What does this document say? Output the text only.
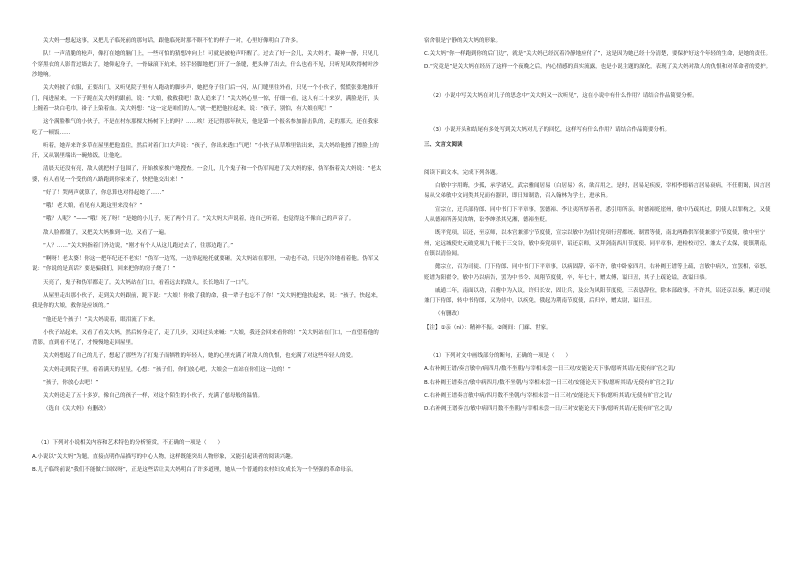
关大妈一想起这事，又把儿子临死前的那句话，跟他临死时那不瞑不忙的样子一对，心里好像明白了许多。

队！一声清脆的枪声，像打在她的脑门上，一些可怕的猜想冲向上！可就是被枪声吓醒了。过去了好一会儿，关大妈才，凝神一静，只见几个穿黑衣的人影背过墙去了，她仰起身子，一骨碌滚下炕来，轻手轻脚地把门开了一条缝，把头伸了出去，什么也看不见，只听见风吹得树叶沙沙地响。

关大妈披了衣服，正要出门，又听见院子里有人跑动的脚步声，她把身子往门后一闪，从门缝里往外看，只见一个小伙子，慌慌张张地推开门，闯进屋来，一下子跪在关大妈的跟前，说：“大娘，救救我吧！敌人追来了！”关大妈心里一惊，仔细一看，这人有二十来岁，满脸是汗，头上缠着一块白毛巾，褂子上染着血。关大妈想：“这一定是咱们的人。”就一把把他拉起来，说：“孩子，别怕，有大娘在呢！”

这个满脸稚气的小伙子，不是在村东那棵大杨树下上的吗？……唉！还记得那年秋天，他是第一个报名参加游击队的，走的那天，还在我家吃了一顿饭……

听着，她弄来许多草在屋里把他盖住，然后对着门口大声说：“孩子，你出来透口气吧！”小伙子从草堆里钻出来，关大妈给他擦了擦脸上的汗，又从锅里端出一碗热饭，让他吃。

清晨天还没有亮，敌人就把村子包围了，开始挨家挨户地搜查。一会儿，几个鬼子和一个伪军闯进了关大妈的家，伪军指着关大妈说：“老太婆，有人看见一个受伤的八路跑到你家来了，快把他交出来！”

“好了！哭两声就算了，你总算也对得起她了……”

“哦！老大娘，看见有人跑这里来没有？”

“哦？人呢？”——“哦！死了呀！”是她的小儿子，死了两个月了。“关大妈大声说着，连自己听着，也觉得这不像自己的声音了。

敌人脸都僵了，又把关大妈推到一边，又看了一遍。

“人？……”关大妈指着门外边说，“刚才有个人从这儿跑过去了，往那边跑了。”

“啊呀！老太婆！你这一把年纪还不老实！”伪军一边骂，一边举起枪托就要砸。关大妈站在那里，一动也不动，只是冷冷地看着他。伪军又说：“你说的是真话？要是骗我们，回来把你的房子烧了！”

天亮了，鬼子和伪军都走了。关大妈站在门口，看着远去的敌人，长长地出了一口气。

从屋里走出那小伙子，走到关大妈跟前，跪下说：“大娘！你救了我的命，我一辈子也忘不了你！”关大妈把他扶起来，说：“孩子，快起来，我是你的大娘，救你是应该的。”

“他还是个孩子！”关大妈说着，眼泪流了下来。

小伙子站起来，又看了看关大妈，然后转身走了，走了几步，又回过头来喊：“大娘，我还会回来看你的！”关大妈站在门口，一直望着他的背影，直到看不见了，才慢慢地走回屋里。

关大妈想起了自己的儿子，想起了那些为了打鬼子而牺牲的年轻人，她的心里充满了对敌人的仇恨，也充满了对这些年轻人的爱。

关大妈走到院子里，看着满天的星星，心想：“孩子们，你们放心吧，大娘会一直站在你们这一边的！”

“孩子，你放心去吧！”

关大妈送走了五十多岁，像自己的孩子一样，对这个陌生的小伙子，充满了慈母般的温情。

（选自《关大妈》有删改）

（1）下列对小说相关内容和艺术特色的分析鉴赏，不正确的一项是（　　）

A.小说以“关大妈”为题，直接点明作品描写的中心人物，这样既能突出人物形象，又能引起读者的阅读兴趣。

B.儿子临终前说“我们不能做亡国奴呀”，正是这些话让关大妈明白了许多道理，她从一个普通的农村妇女成长为一个坚强的革命母亲。

宿舍很是宁静的关大妈的形象。

C.关大妈“你一样跑到你的后门边”，就是“关大妈已经沉着冷静地应付了”，这是因为她已经十分清楚，要保护好这个年轻的生命，是她的责任。

D.“究竟是”是关大妈在经历了这样一个夜晚之后，内心情感的真实流露，也是小说主题的深化，表现了关大妈对敌人的仇恨和对革命者的爱护。

（2）小说中写关大妈在对儿子的思念中“关大妈又一次听见”，这在小说中有什么作用？请结合作品简要分析。

（3）小说开头和结尾有多处写到关大妈对儿子的回忆，这样写有什么作用？请结合作品简要分析。

三、文言文阅读

阅读下面文本，完成下列各题。

白敏中字用晦，少孤，承学诸兄，武宗雅闻居易（白居易）名，欲召用之，是时，居易足疾废，宰相李德裕言居易衰病，不任朝谒，因言居易从父弟敏中文词类其兄而有器识，即日知制诰，召入翰林为学士，进承旨。

宣宗立，迁兵部侍郎、同中书门下平章事，罢德裕、李让夷所厚善者，悉引用所亲，时德裕贬崖州，敏中乃疏其过，阴使人以罪构之，又使人从德裕所善吴汝纳，讼李绅杀其兄湘，德裕坐贬。

既平党项，诏还，至京师，以本官兼邠宁节度使，宣宗以敏中为招讨党项行营都统、制置等使，南北两路供军使兼邠宁节度使，敏中至宁州，定远城使史元破党项九千帐于三交谷，敏中奏党项平，诏还京师，又拜剑南西川节度使、同平章事，进检校司空、兼太子太保，徙镇荆南，在镇以清俭闻。

懿宗立，召为司徒、门下侍郎、同中书门下平章事，以病固辞，帝不许，敏中卧家四月，右补阙王谱等上疏，言敏中病久，宜罢相，帝怒，贬谱为阳翟令，敏中乃以病告，罢为中书令、凤翔节度使，卒，年七十，赠太傅，谥曰丑，其子上疏论谥，改谥曰恭。

戚通二年，南面以功，召驸中为入议，许归长安，固让兵，及公为风阳节度使，三表恳辞位，除本部政事，不许其，诏还京以秦，累迁司徒兼门下侍郎，转中书侍郎，又为侍中，以疾免，俄起为荆南节度使，后归卒，赠太尉，谥曰丑。

（有删改）

【注】①亲（nì）：精神不振。②阁间：门廊、世家。

（1）下列对文中画线部分的断句，正确的一项是（　　）

A.右补阙王谱/奏言敏中/病四月/数不坐朝/与宰相未尝一日三对/安能论天下事/愿听其请/无使有旷官之讥/

B.右补阙王谱奏言/敏中病四月/数不坐朝/与宰相未尝一日三对/安能论天下事/愿听其请/无使有旷官之讥/

C.右补阙王谱奏言敏中病/四月数不坐朝/与宰相未尝一日三对/安能论天下事/愿听其请/无使有旷官之讥/

D.右补阙王谱奏言/敏中病四月数不坐朝/与宰相未尝一日/三对安能论天下事/愿听其请/无使有旷官之讥/
